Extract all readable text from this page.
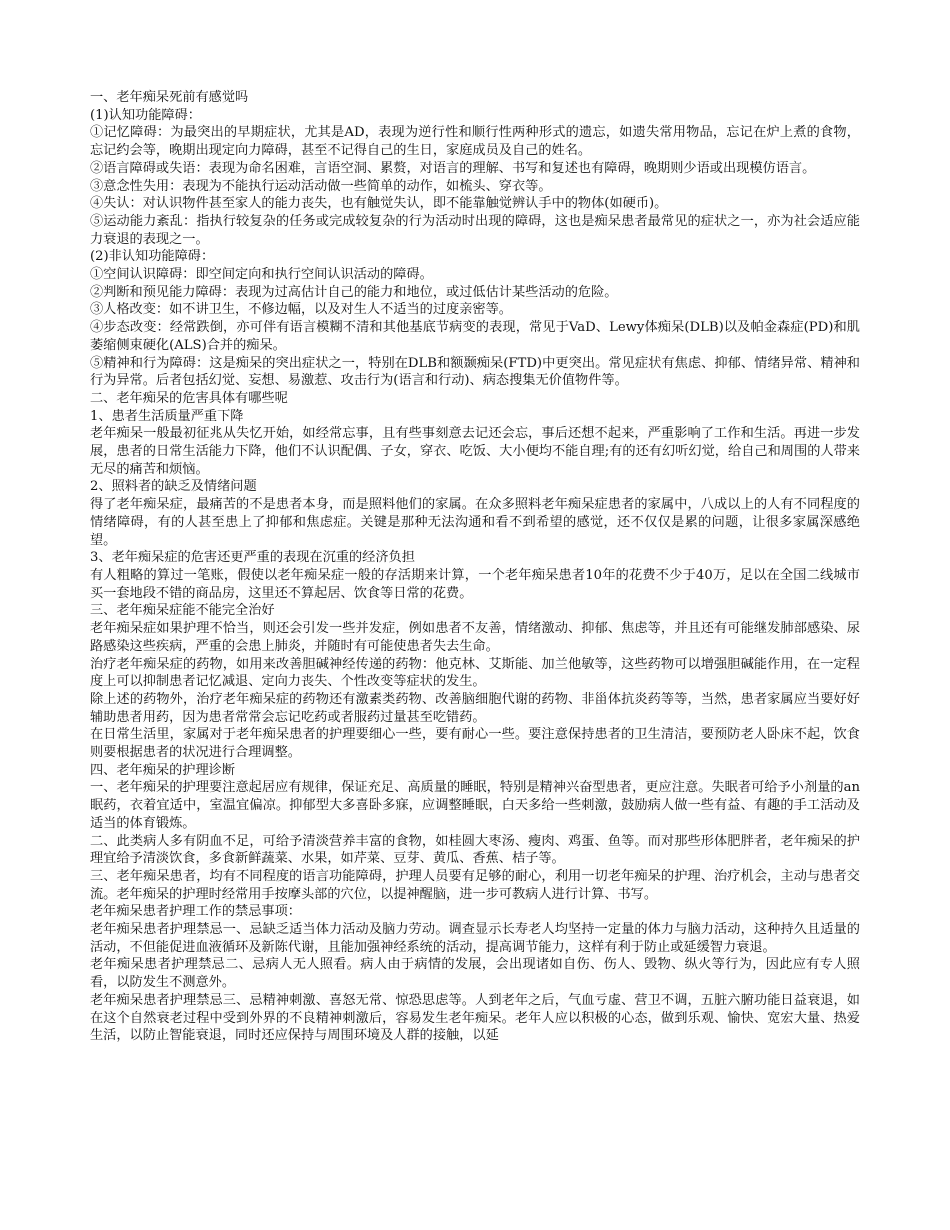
一、老年痴呆死前有感觉吗

(1)认知功能障碍：

①记忆障碍：为最突出的早期症状，尤其是AD，表现为逆行性和顺行性两种形式的遗忘，如遗失常用物品，忘记在炉上煮的食物，忘记约会等，晚期出现定向力障碍，甚至不记得自己的生日，家庭成员及自己的姓名。

②语言障碍或失语：表现为命名困难，言语空洞、累赘，对语言的理解、书写和复述也有障碍，晚期则少语或出现模仿语言。

③意念性失用：表现为不能执行运动活动做一些简单的动作，如梳头、穿衣等。

④失认：对认识物件甚至家人的能力丧失，也有触觉失认，即不能靠触觉辨认手中的物体(如硬币)。

⑤运动能力紊乱：指执行较复杂的任务或完成较复杂的行为活动时出现的障碍，这也是痴呆患者最常见的症状之一，亦为社会适应能力衰退的表现之一。

(2)非认知功能障碍：

①空间认识障碍：即空间定向和执行空间认识活动的障碍。

②判断和预见能力障碍：表现为过高估计自己的能力和地位，或过低估计某些活动的危险。

③人格改变：如不讲卫生，不修边幅，以及对生人不适当的过度亲密等。

④步态改变：经常跌倒，亦可伴有语言模糊不清和其他基底节病变的表现，常见于VaD、Lewy体痴呆(DLB)以及帕金森症(PD)和肌萎缩侧束硬化(ALS)合并的痴呆。

⑤精神和行为障碍：这是痴呆的突出症状之一，特别在DLB和额颞痴呆(FTD)中更突出。常见症状有焦虑、抑郁、情绪异常、精神和行为异常。后者包括幻觉、妄想、易激惹、攻击行为(语言和行动)、病态搜集无价值物件等。

二、老年痴呆的危害具体有哪些呢

1、患者生活质量严重下降

老年痴呆一般最初征兆从失忆开始，如经常忘事，且有些事刻意去记还会忘，事后还想不起来，严重影响了工作和生活。再进一步发展，患者的日常生活能力下降，他们不认识配偶、子女，穿衣、吃饭、大小便均不能自理;有的还有幻听幻觉，给自己和周围的人带来无尽的痛苦和烦恼。

2、照料者的缺乏及情绪问题

得了老年痴呆症，最痛苦的不是患者本身，而是照料他们的家属。在众多照料老年痴呆症患者的家属中，八成以上的人有不同程度的情绪障碍，有的人甚至患上了抑郁和焦虑症。关键是那种无法沟通和看不到希望的感觉，还不仅仅是累的问题，让很多家属深感绝望。

3、老年痴呆症的危害还更严重的表现在沉重的经济负担

有人粗略的算过一笔账，假使以老年痴呆症一般的存活期来计算，一个老年痴呆患者10年的花费不少于40万，足以在全国二线城市买一套地段不错的商品房，这里还不算起居、饮食等日常的花费。

三、老年痴呆症能不能完全治好

老年痴呆症如果护理不恰当，则还会引发一些并发症，例如患者不友善，情绪激动、抑郁、焦虑等，并且还有可能继发肺部感染、尿路感染这些疾病，严重的会患上肺炎，并随时有可能使患者失去生命。

治疗老年痴呆症的药物，如用来改善胆碱神经传递的药物：他克林、艾斯能、加兰他敏等，这些药物可以增强胆碱能作用，在一定程度上可以抑制患者记忆减退、定向力丧失、个性改变等症状的发生。

除上述的药物外，治疗老年痴呆症的药物还有激素类药物、改善脑细胞代谢的药物、非甾体抗炎药等等，当然，患者家属应当要好好辅助患者用药，因为患者常常会忘记吃药或者服药过量甚至吃错药。

在日常生活里，家属对于老年痴呆患者的护理要细心一些，要有耐心一些。要注意保持患者的卫生清洁，要预防老人卧床不起，饮食则要根据患者的状况进行合理调整。

四、老年痴呆的护理诊断

一、老年痴呆的护理要注意起居应有规律，保证充足、高质量的睡眠，特别是精神兴奋型患者，更应注意。失眠者可给予小剂量的an眠药，衣着宜适中，室温宜偏凉。抑郁型大多喜卧多寐，应调整睡眠，白天多给一些刺激，鼓励病人做一些有益、有趣的手工活动及适当的体育锻炼。

二、此类病人多有阴血不足，可给予清淡营养丰富的食物，如桂圆大枣汤、瘦肉、鸡蛋、鱼等。而对那些形体肥胖者，老年痴呆的护理宜给予清淡饮食，多食新鲜蔬菜、水果，如芹菜、豆芽、黄瓜、香蕉、桔子等。

三、老年痴呆患者，均有不同程度的语言功能障碍，护理人员要有足够的耐心，利用一切老年痴呆的护理、治疗机会，主动与患者交流。老年痴呆的护理时经常用手按摩头部的穴位，以提神醒脑，进一步可教病人进行计算、书写。

老年痴呆患者护理工作的禁忌事项：

老年痴呆患者护理禁忌一、忌缺乏适当体力活动及脑力劳动。调查显示长寿老人均坚持一定量的体力与脑力活动，这种持久且适量的活动，不但能促进血液循环及新陈代谢，且能加强神经系统的活动，提高调节能力，这样有利于防止或延缓智力衰退。

老年痴呆患者护理禁忌二、忌病人无人照看。病人由于病情的发展，会出现诸如自伤、伤人、毁物、纵火等行为，因此应有专人照看，以防发生不测意外。

老年痴呆患者护理禁忌三、忌精神刺激、喜怒无常、惊恐思虑等。人到老年之后，气血亏虚、营卫不调，五脏六腑功能日益衰退，如在这个自然衰老过程中受到外界的不良精神刺激后，容易发生老年痴呆。老年人应以积极的心态，做到乐观、愉快、宽宏大量、热爱生活，以防止智能衰退，同时还应保持与周围环境及人群的接触，以延
